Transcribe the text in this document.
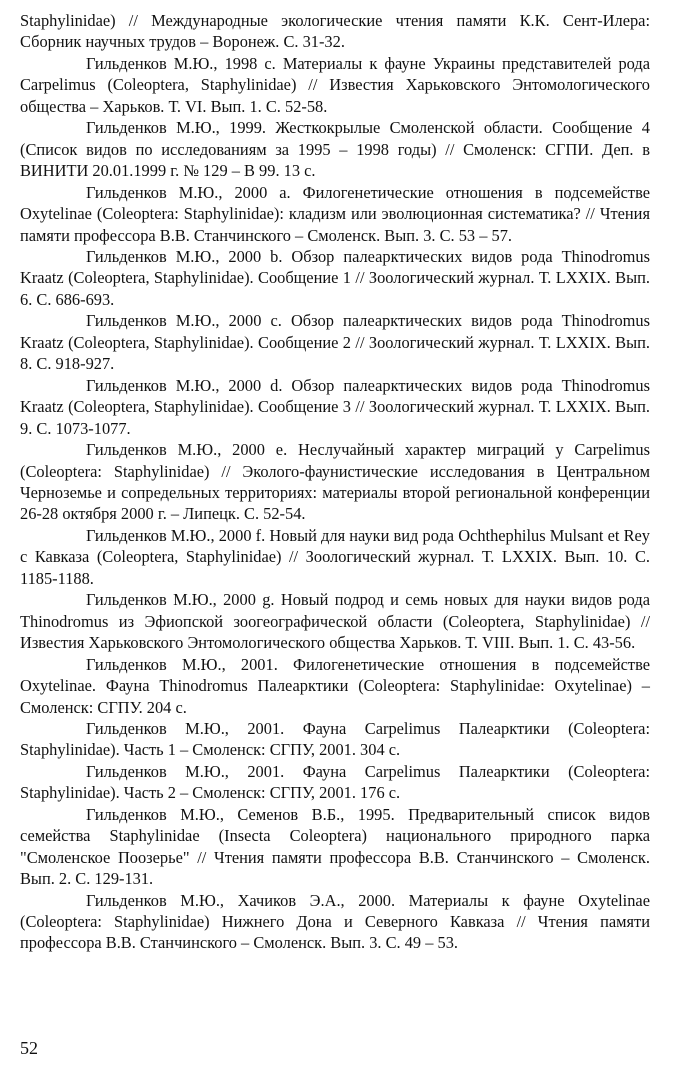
Staphylinidae) // Международные экологические чтения памяти К.К. Сент-Илера: Сборник научных трудов – Воронеж. С. 31-32.

Гильденков М.Ю., 1998 c. Материалы к фауне Украины представителей рода Carpelimus (Coleoptera, Staphylinidae) // Известия Харьковского Энтомологического общества – Харьков. Т. VI. Вып. 1. С. 52-58.

Гильденков М.Ю., 1999. Жесткокрылые Смоленской области. Сообщение 4 (Список видов по исследованиям за 1995 – 1998 годы) // Смоленск: СГПИ. Деп. в ВИНИТИ 20.01.1999 г. № 129 – В 99. 13 с.

Гильденков М.Ю., 2000 a. Филогенетические отношения в подсемействе Oxytelinae (Coleoptera: Staphylinidae): кладизм или эволюционная систематика? // Чтения памяти профессора В.В. Станчинского – Смоленск. Вып. 3. С. 53 – 57.

Гильденков М.Ю., 2000 b. Обзор палеарктических видов рода Thinodromus Kraatz (Coleoptera, Staphylinidae). Сообщение 1 // Зоологический журнал. Т. LXXIX. Вып. 6. С. 686-693.

Гильденков М.Ю., 2000 c. Обзор палеарктических видов рода Thinodromus Kraatz (Coleoptera, Staphylinidae). Сообщение 2 // Зоологический журнал. Т. LXXIX. Вып. 8. С. 918-927.

Гильденков М.Ю., 2000 d. Обзор палеарктических видов рода Thinodromus Kraatz (Coleoptera, Staphylinidae). Сообщение 3 // Зоологический журнал. Т. LXXIX. Вып. 9. С. 1073-1077.

Гильденков М.Ю., 2000 e. Неслучайный характер миграций у Carpelimus (Coleoptera: Staphylinidae) // Эколого-фаунистические исследования в Центральном Черноземье и сопредельных территориях: материалы второй региональной конференции 26-28 октября 2000 г. – Липецк. С. 52-54.

Гильденков М.Ю., 2000 f. Новый для науки вид рода Ochthephilus Mulsant et Rey с Кавказа (Coleoptera, Staphylinidae) // Зоологический журнал. Т. LXXIX. Вып. 10. С. 1185-1188.

Гильденков М.Ю., 2000 g. Новый подрод и семь новых для науки видов рода Thinodromus из Эфиопской зоогеографической области (Coleoptera, Staphylinidae) // Известия Харьковского Энтомологического общества Харьков. Т. VIII. Вып. 1. С. 43-56.

Гильденков М.Ю., 2001. Филогенетические отношения в подсемействе Oxytelinae. Фауна Thinodromus Палеарктики (Coleoptera: Staphylinidae: Oxytelinae) – Смоленск: СГПУ. 204 с.

Гильденков М.Ю., 2001. Фауна Carpelimus Палеарктики (Coleoptera: Staphylinidae). Часть 1 – Смоленск: СГПУ, 2001. 304 с.

Гильденков М.Ю., 2001. Фауна Carpelimus Палеарктики (Coleoptera: Staphylinidae). Часть 2 – Смоленск: СГПУ, 2001. 176 с.

Гильденков М.Ю., Семенов В.Б., 1995. Предварительный список видов семейства Staphylinidae (Insecta Coleoptera) национального природного парка "Смоленское Поозерье" // Чтения памяти профессора В.В. Станчинского – Смоленск. Вып. 2. С. 129-131.

Гильденков М.Ю., Хачиков Э.А., 2000. Материалы к фауне Oxytelinae (Coleoptera: Staphylinidae) Нижнего Дона и Северного Кавказа // Чтения памяти профессора В.В. Станчинского – Смоленск. Вып. 3. С. 49 – 53.

52
